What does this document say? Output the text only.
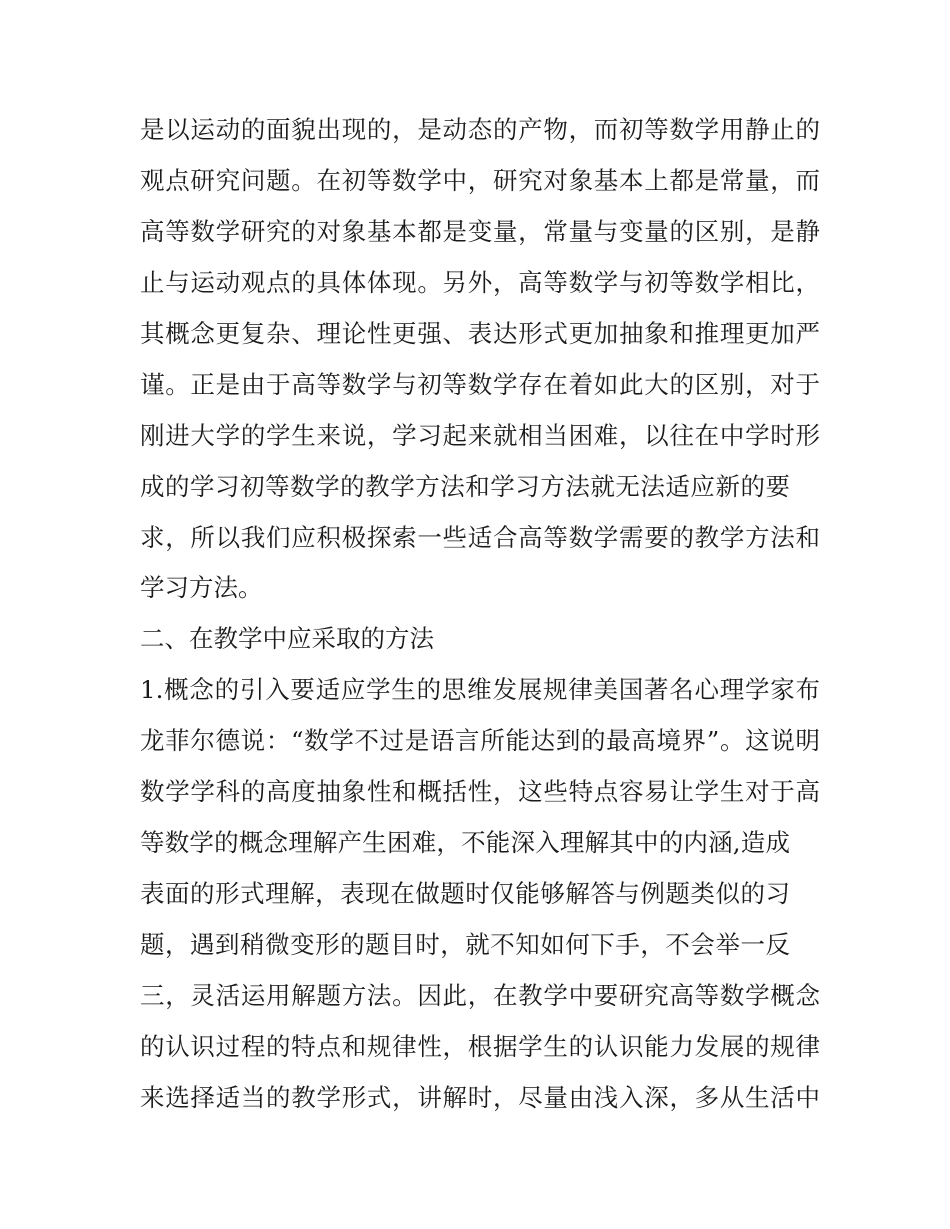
是以运动的面貌出现的，是动态的产物，而初等数学用静止的
观点研究问题。在初等数学中，研究对象基本上都是常量，而
高等数学研究的对象基本都是变量，常量与变量的区别，是静
止与运动观点的具体体现。另外，高等数学与初等数学相比，
其概念更复杂、理论性更强、表达形式更加抽象和推理更加严
谨。正是由于高等数学与初等数学存在着如此大的区别，对于
刚进大学的学生来说，学习起来就相当困难，以往在中学时形
成的学习初等数学的教学方法和学习方法就无法适应新的要
求，所以我们应积极探索一些适合高等数学需要的教学方法和
学习方法。
二、在教学中应采取的方法
1.概念的引入要适应学生的思维发展规律美国著名心理学家布
龙菲尔德说：“数学不过是语言所能达到的最高境界”。这说明
数学学科的高度抽象性和概括性，这些特点容易让学生对于高
等数学的概念理解产生困难，不能深入理解其中的内涵,造成
表面的形式理解，表现在做题时仅能够解答与例题类似的习
题，遇到稍微变形的题目时，就不知如何下手，不会举一反
三，灵活运用解题方法。因此，在教学中要研究高等数学概念
的认识过程的特点和规律性，根据学生的认识能力发展的规律
来选择适当的教学形式，讲解时，尽量由浅入深，多从生活中
